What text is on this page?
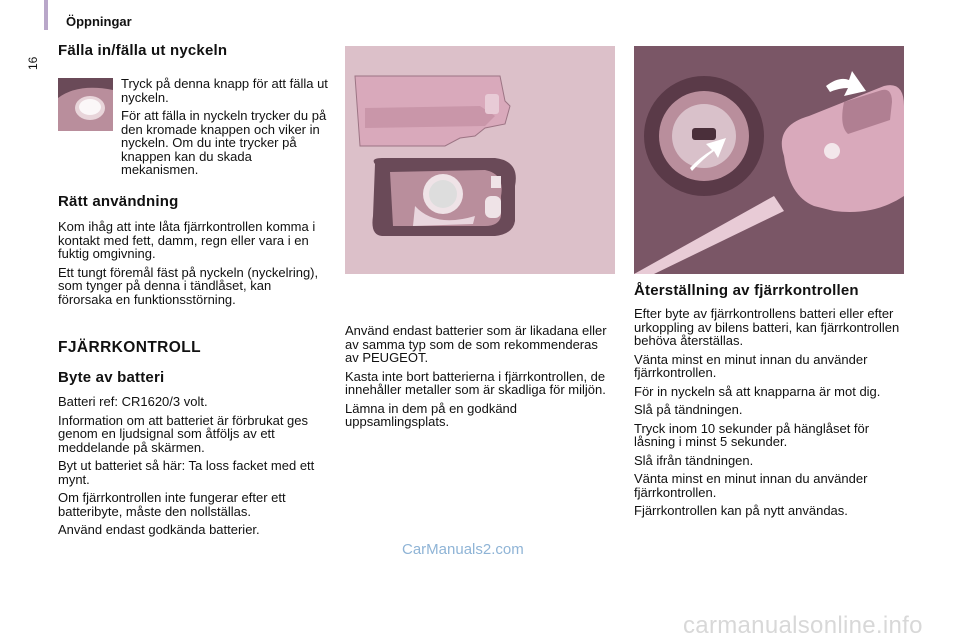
16
Öppningar
Fälla in/fälla ut nyckeln

Tryck på denna knapp för att fälla ut nyckeln.

För att fälla in nyckeln trycker du på den kromade knappen och viker in nyckeln. Om du inte trycker på knappen kan du skada mekanismen.

Rätt användning

Kom ihåg att inte låta fjärrkontrollen komma i kontakt med fett, damm, regn eller vara i en fuktig omgivning.

Ett tungt föremål fäst på nyckeln (nyckelring), som tynger på denna i tändlåset, kan förorsaka en funktionsstörning.

FJÄRRKONTROLL
Byte av batteri

Batteri ref: CR1620/3 volt.

Information om att batteriet är förbrukat ges genom en ljudsignal som åtföljs av ett meddelande på skärmen.

Byt ut batteriet så här: Ta loss facket med ett mynt.

Om fjärrkontrollen inte fungerar efter ett batteribyte, måste den nollställas.

Använd endast godkända batterier.

Använd endast batterier som är likadana eller av samma typ som de som rekommenderas av PEUGEOT.

Kasta inte bort batterierna i fjärrkontrollen, de innehåller metaller som är skadliga för miljön.

Lämna in dem på en godkänd uppsamlingsplats.

Återställning av fjärrkontrollen

Efter byte av fjärrkontrollens batteri eller efter urkoppling av bilens batteri, kan fjärrkontrollen behöva återställas.

Vänta minst en minut innan du använder fjärrkontrollen.

För in nyckeln så att knapparna är mot dig.

Slå på tändningen.

Tryck inom 10 sekunder på hänglåset för låsning i minst 5 sekunder.

Slå ifrån tändningen.

Vänta minst en minut innan du använder fjärrkontrollen.

Fjärrkontrollen kan på nytt användas.

CarManuals2.com
carmanualsonline.info
